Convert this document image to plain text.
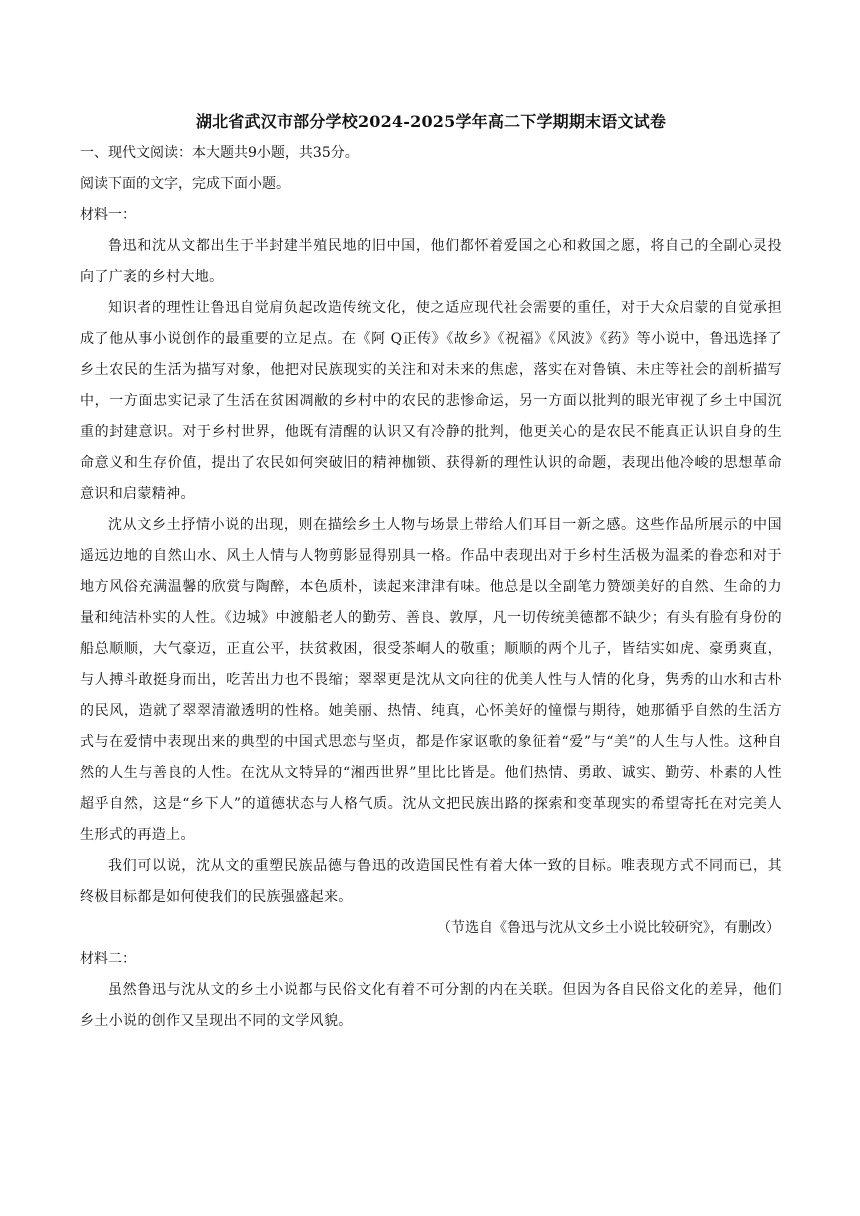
湖北省武汉市部分学校2024-2025学年高二下学期期末语文试卷

一、现代文阅读：本大题共9小题，共35分。

阅读下面的文字，完成下面小题。

材料一：

鲁迅和沈从文都出生于半封建半殖民地的旧中国，他们都怀着爱国之心和救国之愿，将自己的全副心灵投向了广袤的乡村大地。

知识者的理性让鲁迅自觉肩负起改造传统文化，使之适应现代社会需要的重任，对于大众启蒙的自觉承担成了他从事小说创作的最重要的立足点。在《阿 Q正传》《故乡》《祝福》《风波》《药》等小说中，鲁迅选择了乡土农民的生活为描写对象，他把对民族现实的关注和对未来的焦虑，落实在对鲁镇、未庄等社会的剖析描写中，一方面忠实记录了生活在贫困凋敝的乡村中的农民的悲惨命运，另一方面以批判的眼光审视了乡土中国沉重的封建意识。对于乡村世界，他既有清醒的认识又有冷静的批判，他更关心的是农民不能真正认识自身的生命意义和生存价值，提出了农民如何突破旧的精神枷锁、获得新的理性认识的命题，表现出他冷峻的思想革命意识和启蒙精神。

沈从文乡土抒情小说的出现，则在描绘乡土人物与场景上带给人们耳目一新之感。这些作品所展示的中国遥远边地的自然山水、风土人情与人物剪影显得别具一格。作品中表现出对于乡村生活极为温柔的眷恋和对于地方风俗充满温馨的欣赏与陶醉，本色质朴，读起来津津有味。他总是以全副笔力赞颂美好的自然、生命的力量和纯洁朴实的人性。《边城》中渡船老人的勤劳、善良、敦厚，凡一切传统美德都不缺少；有头有脸有身份的船总顺顺，大气豪迈，正直公平，扶贫救困，很受茶峒人的敬重；顺顺的两个儿子，皆结实如虎、豪勇爽直，与人搏斗敢挺身而出，吃苦出力也不畏缩；翠翠更是沈从文向往的优美人性与人情的化身，隽秀的山水和古朴的民风，造就了翠翠清澈透明的性格。她美丽、热情、纯真，心怀美好的憧憬与期待，她那循乎自然的生活方式与在爱情中表现出来的典型的中国式思恋与坚贞，都是作家讴歌的象征着“爱”与“美”的人生与人性。这种自然的人生与善良的人性。在沈从文特异的“湘西世界”里比比皆是。他们热情、勇敢、诚实、勤劳、朴素的人性超乎自然，这是“乡下人”的道德状态与人格气质。沈从文把民族出路的探索和变革现实的希望寄托在对完美人生形式的再造上。

我们可以说，沈从文的重塑民族品德与鲁迅的改造国民性有着大体一致的目标。唯表现方式不同而已，其终极目标都是如何使我们的民族强盛起来。

（节选自《鲁迅与沈从文乡土小说比较研究》，有删改）

材料二：

虽然鲁迅与沈从文的乡土小说都与民俗文化有着不可分割的内在关联。但因为各自民俗文化的差异，他们乡土小说的创作又呈现出不同的文学风貌。
